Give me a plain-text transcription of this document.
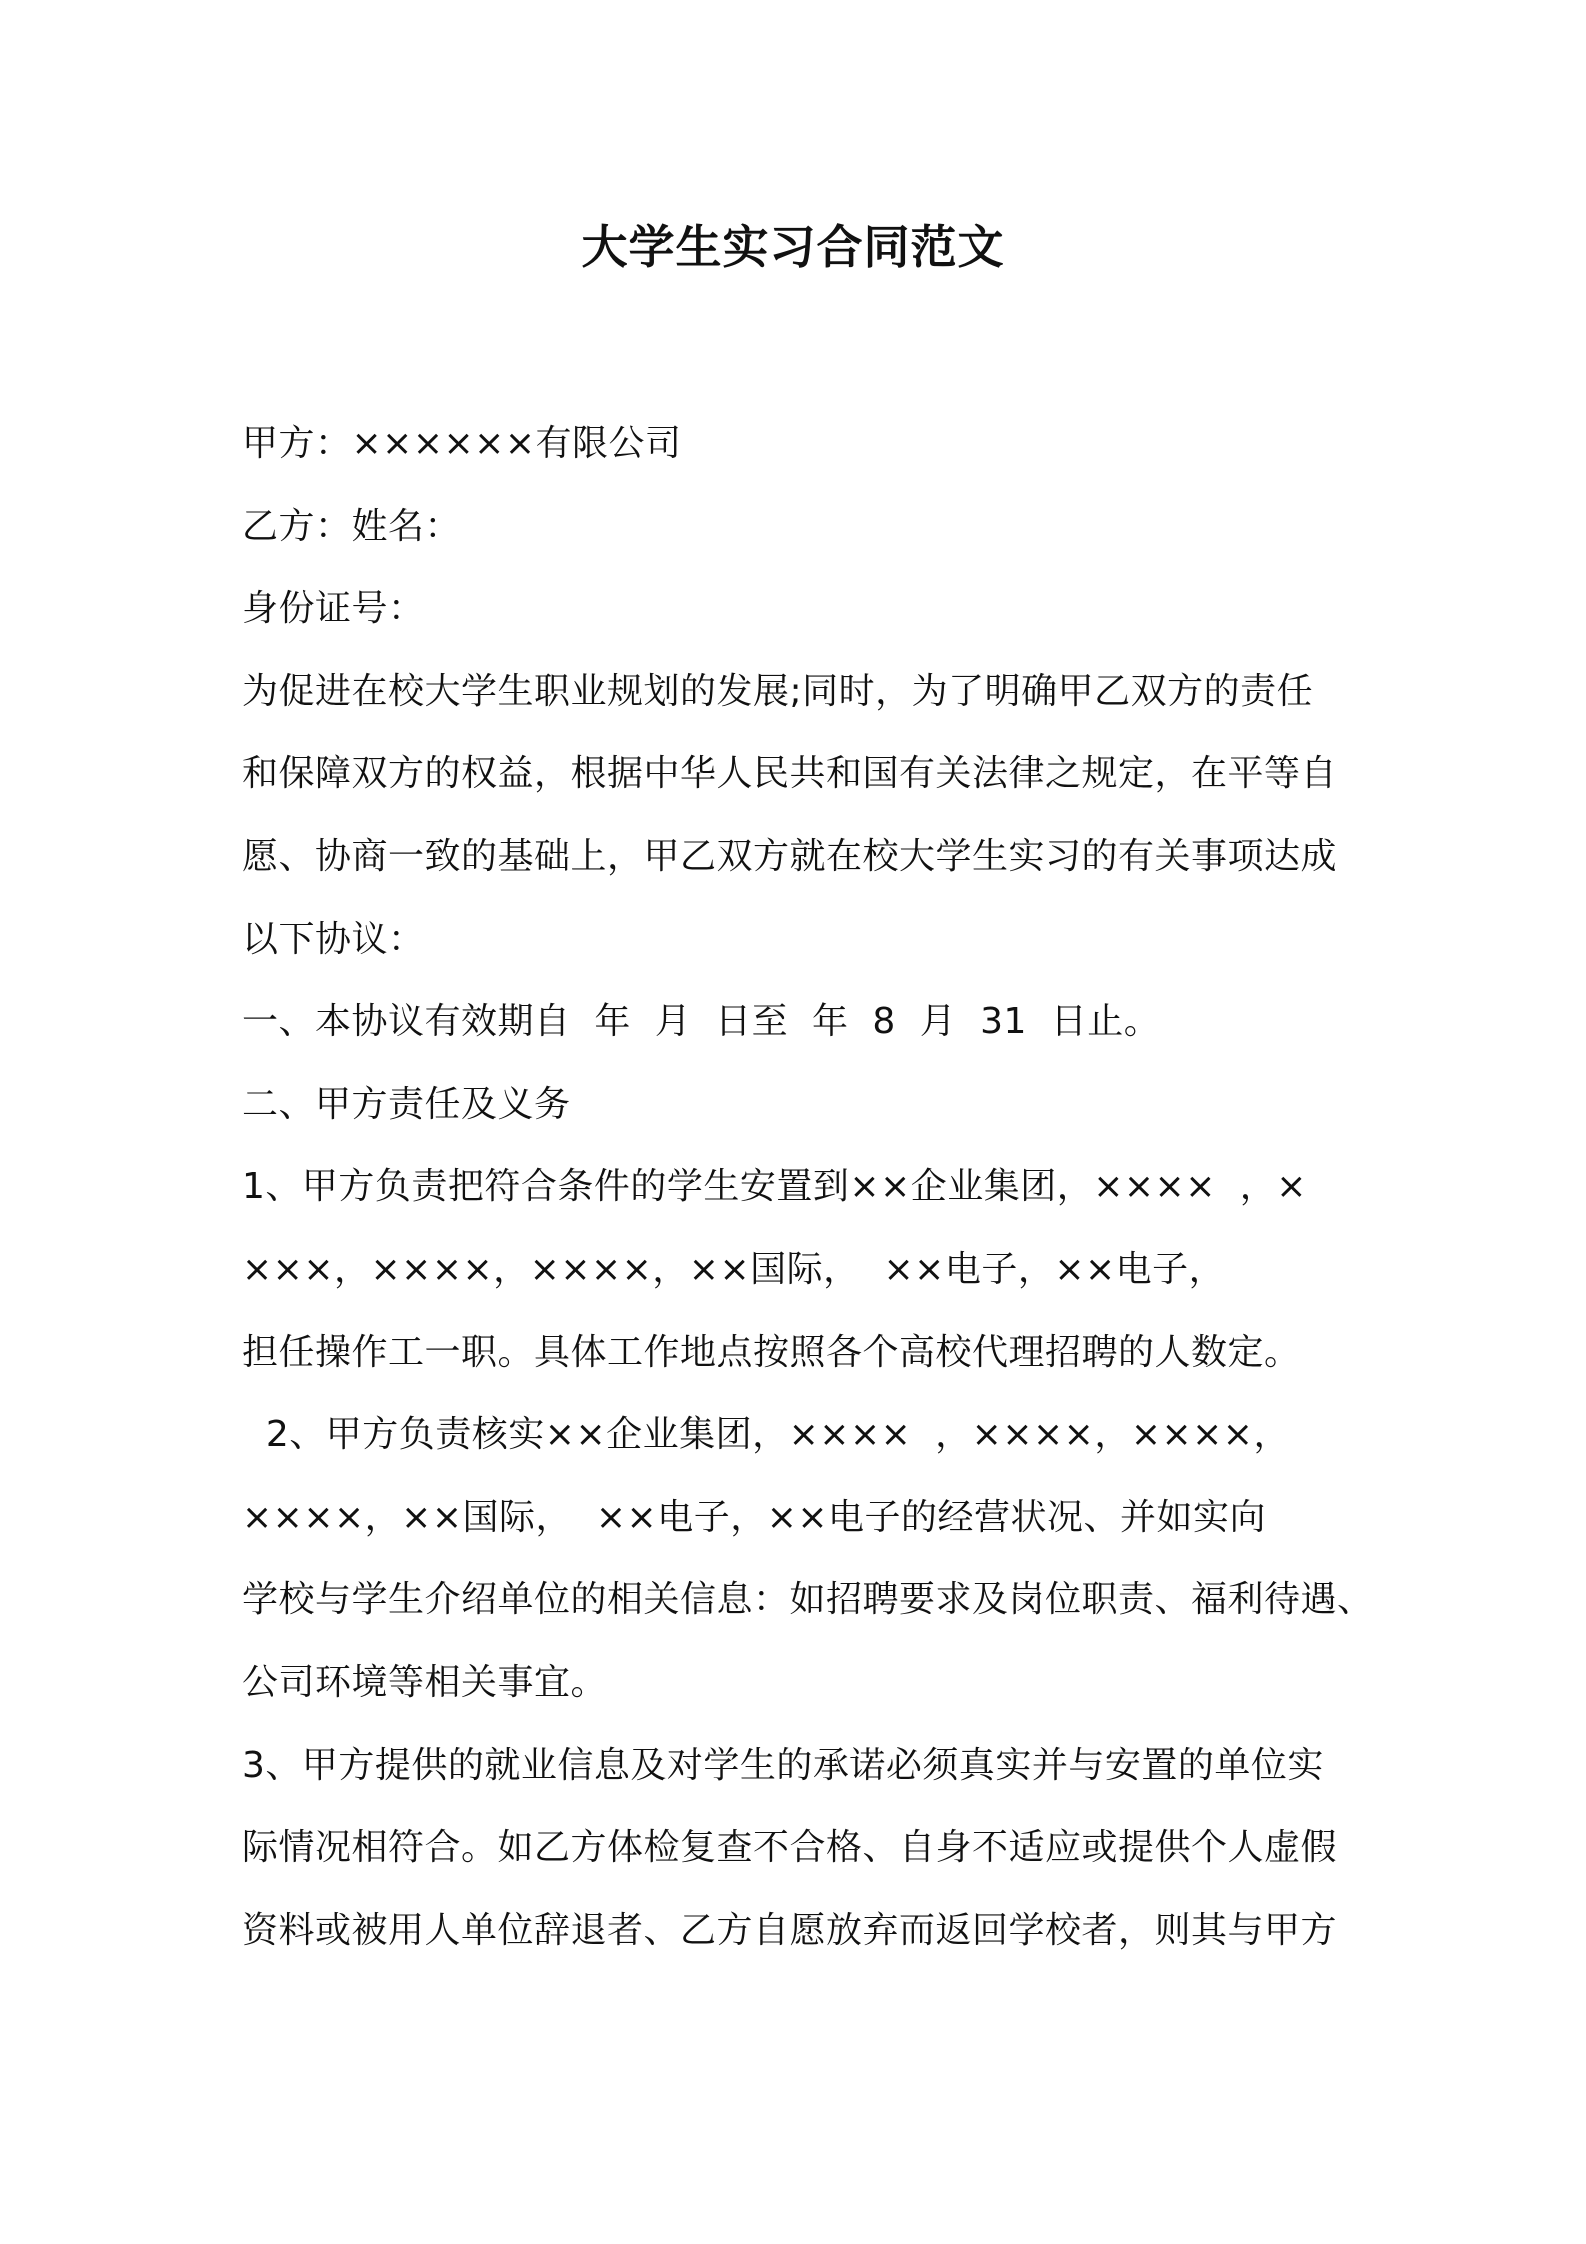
大学生实习合同范文
甲方：××××××有限公司
乙方：姓名：
身份证号：
为促进在校大学生职业规划的发展;同时，为了明确甲乙双方的责任
和保障双方的权益，根据中华人民共和国有关法律之规定，在平等自
愿、协商一致的基础上，甲乙双方就在校大学生实习的有关事项达成
以下协议：
一、本协议有效期自  年  月  日至  年  8  月  31  日止。
二、甲方责任及义务
1、甲方负责把符合条件的学生安置到××企业集团，××××  ，×
×××，××××，××××，××国际，  ××电子，××电子，
担任操作工一职。具体工作地点按照各个高校代理招聘的人数定。
2、甲方负责核实××企业集团，××××  ，××××，××××，
××××，××国际，  ××电子，××电子的经营状况、并如实向
学校与学生介绍单位的相关信息：如招聘要求及岗位职责、福利待遇、
公司环境等相关事宜。
3、甲方提供的就业信息及对学生的承诺必须真实并与安置的单位实
际情况相符合。如乙方体检复查不合格、自身不适应或提供个人虚假
资料或被用人单位辞退者、乙方自愿放弃而返回学校者，则其与甲方
